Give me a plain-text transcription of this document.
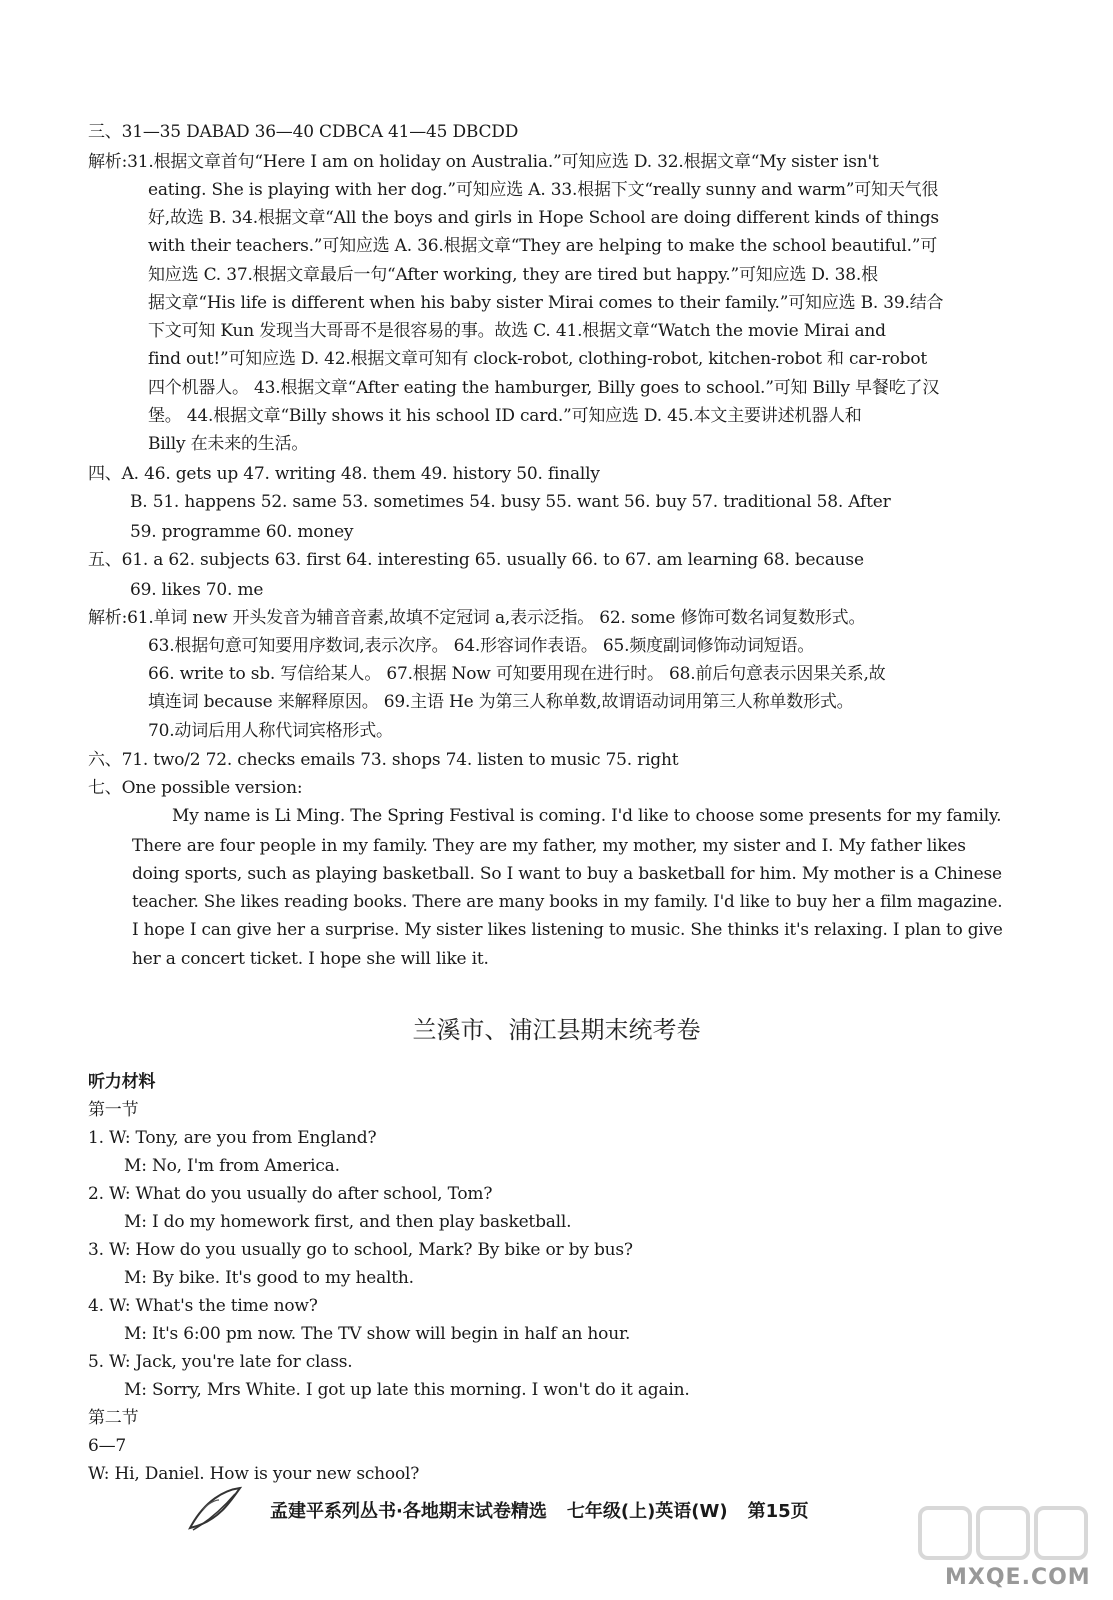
三、31—35 DABAD 36—40 CDBCA 41—45 DBCDD
解析:31.根据文章首句“Here I am on holiday on Australia.”可知应选 D. 32.根据文章“My sister isn't
eating. She is playing with her dog.”可知应选 A. 33.根据下文“really sunny and warm”可知天气很
好,故选 B. 34.根据文章“All the boys and girls in Hope School are doing different kinds of things
with their teachers.”可知应选 A. 36.根据文章“They are helping to make the school beautiful.”可
知应选 C. 37.根据文章最后一句“After working, they are tired but happy.”可知应选 D. 38.根
据文章“His life is different when his baby sister Mirai comes to their family.”可知应选 B. 39.结合
下文可知 Kun 发现当大哥哥不是很容易的事。故选 C. 41.根据文章“Watch the movie Mirai and
find out!”可知应选 D. 42.根据文章可知有 clock-robot, clothing-robot, kitchen-robot 和 car-robot
四个机器人。 43.根据文章“After eating the hamburger, Billy goes to school.”可知 Billy 早餐吃了汉
堡。 44.根据文章“Billy shows it his school ID card.”可知应选 D. 45.本文主要讲述机器人和
Billy 在未来的生活。
四、A. 46. gets up 47. writing 48. them 49. history 50. finally
B. 51. happens 52. same 53. sometimes 54. busy 55. want 56. buy 57. traditional 58. After
59. programme 60. money
五、61. a 62. subjects 63. first 64. interesting 65. usually 66. to 67. am learning 68. because
69. likes 70. me
解析:61.单词 new 开头发音为辅音音素,故填不定冠词 a,表示泛指。 62. some 修饰可数名词复数形式。
63.根据句意可知要用序数词,表示次序。 64.形容词作表语。 65.频度副词修饰动词短语。
66. write to sb. 写信给某人。 67.根据 Now 可知要用现在进行时。 68.前后句意表示因果关系,故
填连词 because 来解释原因。 69.主语 He 为第三人称单数,故谓语动词用第三人称单数形式。
70.动词后用人称代词宾格形式。
六、71. two/2 72. checks emails 73. shops 74. listen to music 75. right
七、One possible version:
My name is Li Ming. The Spring Festival is coming. I'd like to choose some presents for my family.
There are four people in my family. They are my father, my mother, my sister and I. My father likes
doing sports, such as playing basketball. So I want to buy a basketball for him. My mother is a Chinese
teacher. She likes reading books. There are many books in my family. I'd like to buy her a film magazine.
I hope I can give her a surprise. My sister likes listening to music. She thinks it's relaxing. I plan to give
her a concert ticket. I hope she will like it.
听力材料
第一节
1. W: Tony, are you from England?
M: No, I'm from America.
2. W: What do you usually do after school, Tom?
M: I do my homework first, and then play basketball.
3. W: How do you usually go to school, Mark? By bike or by bus?
M: By bike. It's good to my health.
4. W: What's the time now?
M: It's 6:00 pm now. The TV show will begin in half an hour.
5. W: Jack, you're late for class.
M: Sorry, Mrs White. I got up late this morning. I won't do it again.
第二节
6—7
W: Hi, Daniel. How is your new school?
兰溪市、浦江县期末统考卷
孟建平系列丛书·各地期末试卷精选 七年级(上)英语(W) 第15页
MXQE.COM
